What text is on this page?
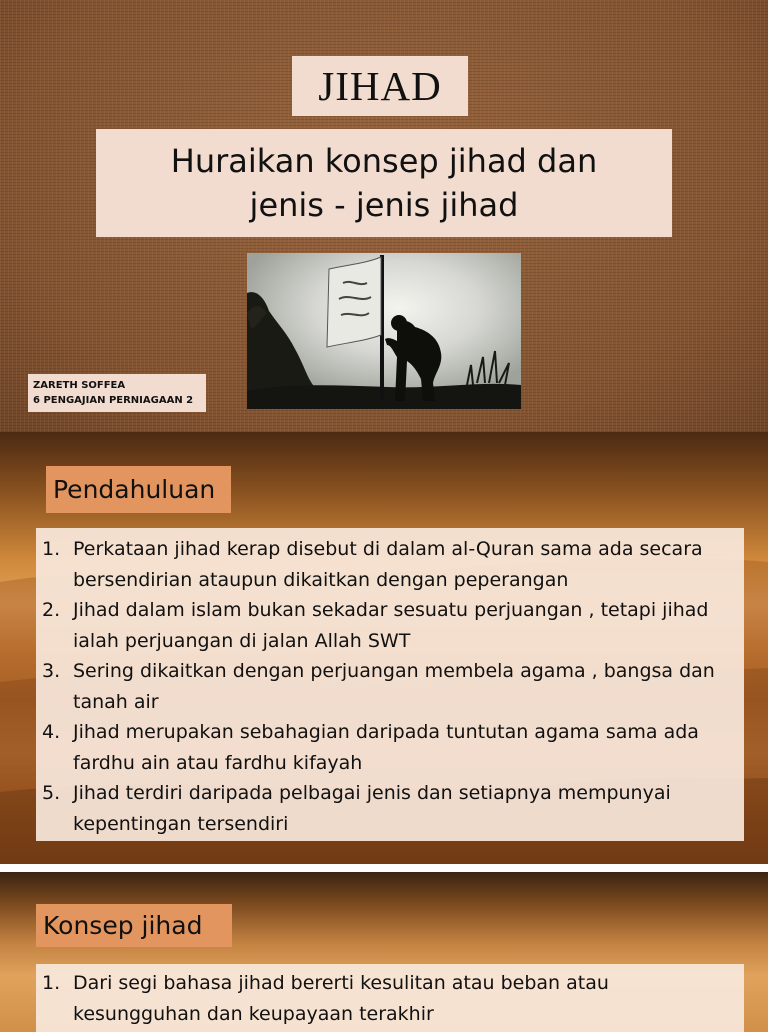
JIHAD
Huraikan konsep jihad dan
jenis - jenis jihad
ZARETH SOFFEA
6 PENGAJIAN PERNIAGAAN 2
Pendahuluan
1. Perkataan jihad kerap disebut di dalam al-Quran sama ada secara bersendirian ataupun dikaitkan dengan peperangan
2. Jihad dalam islam bukan sekadar sesuatu perjuangan , tetapi jihad ialah perjuangan di jalan Allah SWT
3. Sering dikaitkan dengan perjuangan membela agama , bangsa dan tanah air
4. Jihad merupakan sebahagian daripada tuntutan agama sama ada fardhu ain atau fardhu kifayah
5. Jihad terdiri daripada pelbagai jenis dan setiapnya mempunyai kepentingan tersendiri
Konsep jihad
1. Dari segi bahasa jihad bererti kesulitan atau beban atau kesungguhan dan keupayaan terakhir
